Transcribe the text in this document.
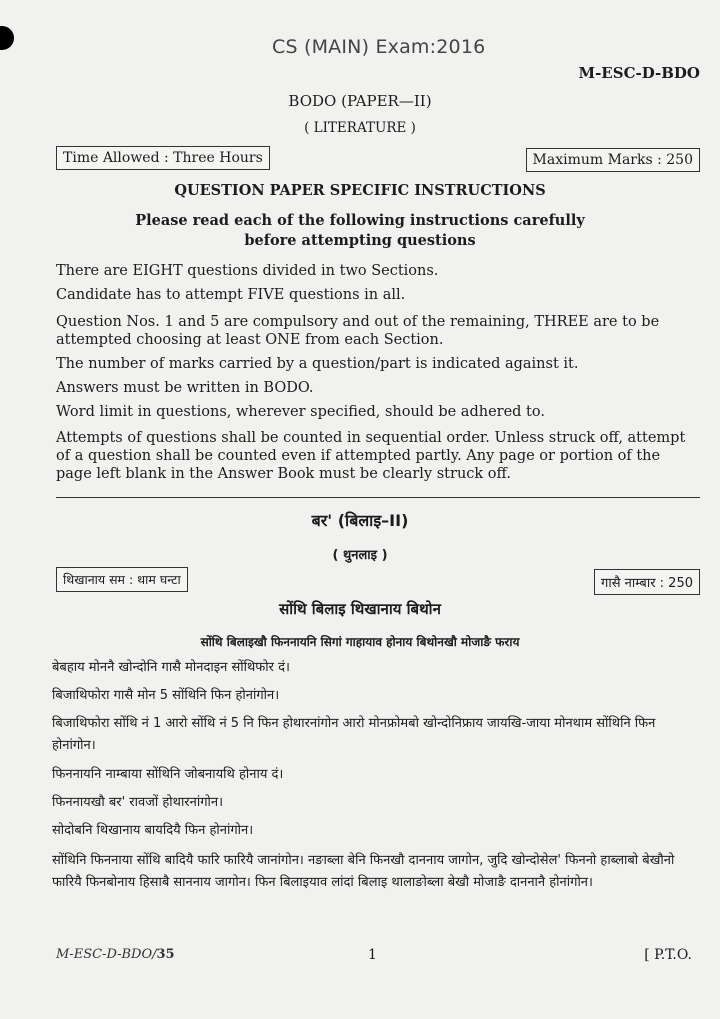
CS (MAIN) Exam:2016
M-ESC-D-BDO
BODO (PAPER—II)
( LITERATURE )
Time Allowed : Three Hours	Maximum Marks : 250
QUESTION PAPER SPECIFIC INSTRUCTIONS
Please read each of the following instructions carefully
before attempting questions
There are EIGHT questions divided in two Sections.
Candidate has to attempt FIVE questions in all.
Question Nos. 1 and 5 are compulsory and out of the remaining, THREE are to be attempted choosing at least ONE from each Section.
The number of marks carried by a question/part is indicated against it.
Answers must be written in BODO.
Word limit in questions, wherever specified, should be adhered to.
Attempts of questions shall be counted in sequential order. Unless struck off, attempt of a question shall be counted even if attempted partly. Any page or portion of the page left blank in the Answer Book must be clearly struck off.
बर' (बिलाइ–II)
( थुनलाइ )
थिखानाय सम : थाम घन्टा	गासै नाम्बार : 250
सोंथि बिलाइ थिखानाय बिथोन
सोंथि बिलाइखौ फिननायनि सिगां गाहायाव होनाय बिथोनखौ मोजाङै फराय
बेबहाय मोननै खोन्दोनि गासै मोनदाइन सोंथिफोर दं।
बिजाथिफोरा गासै मोन 5 सोंथिनि फिन होनांगोन।
बिजाथिफोरा सोंथि नं 1 आरो सोंथि नं 5 नि फिन होथारनांगोन आरो मोनफ्रोमबो खोन्दोनिफ्राय जायखि-जाया मोनथाम सोंथिनि फिन होनांगोन।
फिननायनि नाम्बाया सोंथिनि जोबनायथि होनाय दं।
फिननायखौ बर' रावजों होथारनांगोन।
सोदोबनि थिखानाय बायदियै फिन होनांगोन।
सोंथिनि फिननाया सोंथि बादियै फारि फारियै जानांगोन। नङाब्ला बेनि फिनखौ दाननाय जागोन, जुदि खोन्दोसेल' फिननो हाब्लाबो बेखौनो फारियै फिनबोनाय हिसाबै साननाय जागोन। फिन बिलाइयाव लांदां बिलाइ थालाङोब्ला बेखौ मोजाङै दाननानै होनांगोन।
M-ESC-D-BDO/35	1	[ P.T.O.
